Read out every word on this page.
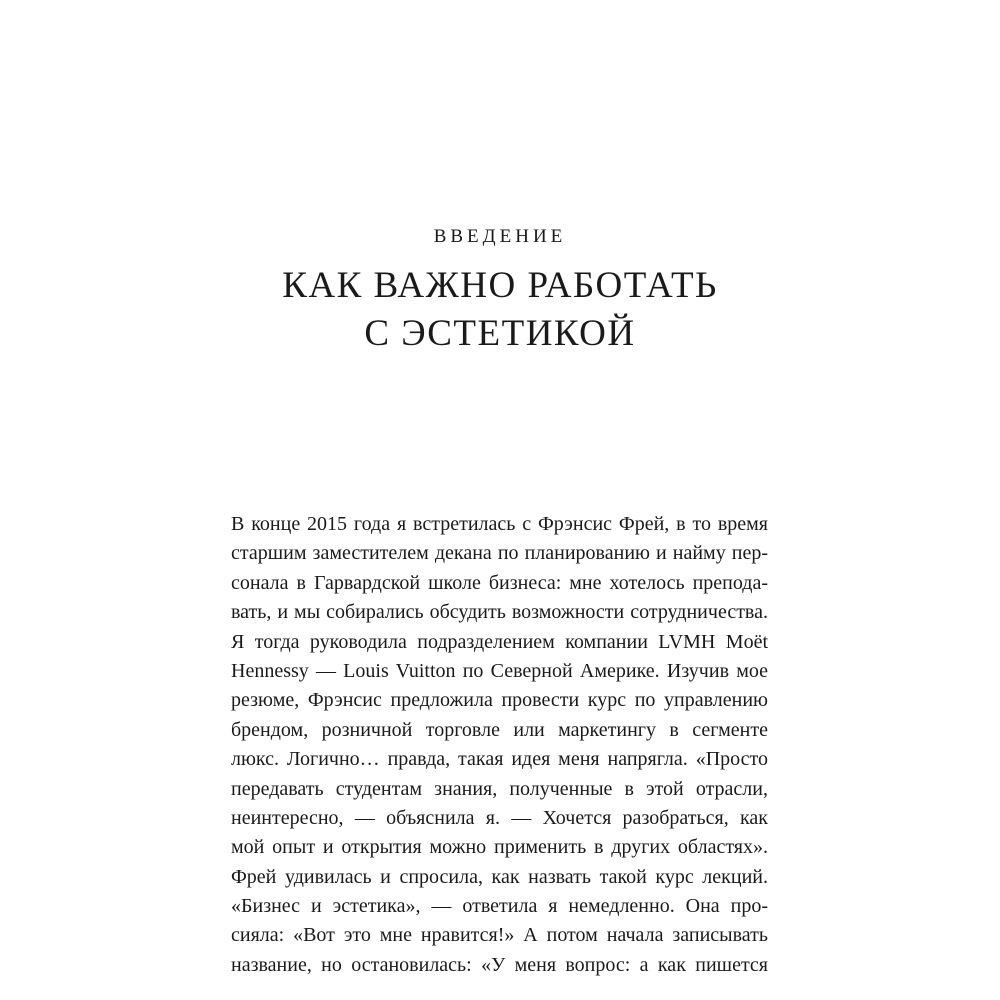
ВВЕДЕНИЕ
КАК ВАЖНО РАБОТАТЬ
С ЭСТЕТИКОЙ
В конце 2015 года я встретилась с Фрэнсис Фрей, в то время
старшим заместителем декана по планированию и найму пер-
сонала в Гарвардской школе бизнеса: мне хотелось препода-
вать, и мы собирались обсудить возможности сотрудничества.
Я тогда руководила подразделением компании LVMH Moët
Hennessy — Louis Vuitton по Северной Америке. Изучив мое
резюме, Фрэнсис предложила провести курс по управлению
брендом, розничной торговле или маркетингу в сегменте
люкс. Логично… правда, такая идея меня напрягла. «Просто
передавать студентам знания, полученные в этой отрасли,
неинтересно, — объяснила я. — Хочется разобраться, как
мой опыт и открытия можно применить в других областях».
Фрей удивилась и спросила, как назвать такой курс лекций.
«Бизнес и эстетика», — ответила я немедленно. Она про-
сияла: «Вот это мне нравится!» А потом начала записывать
название, но остановилась: «У меня вопрос: а как пишется
